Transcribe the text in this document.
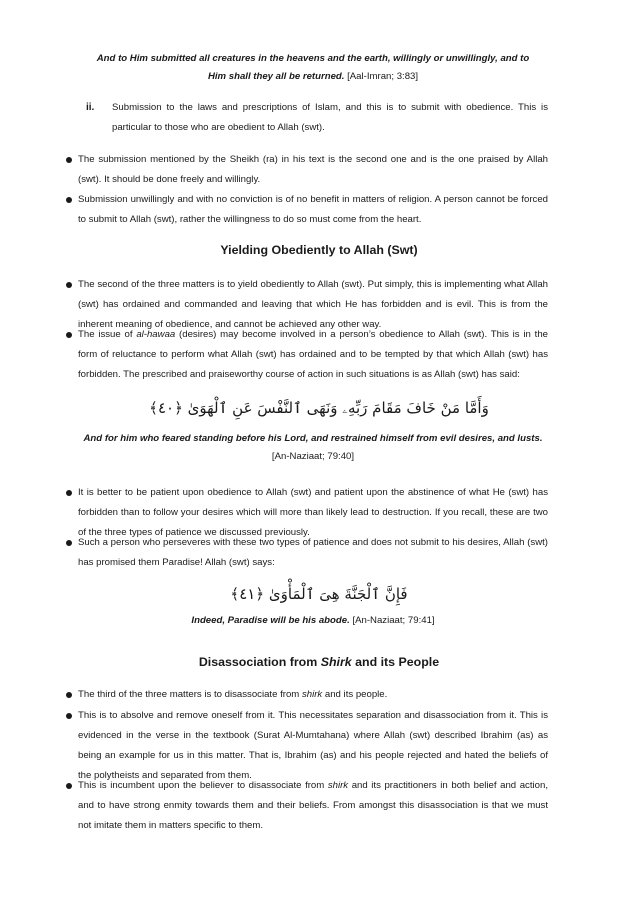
And to Him submitted all creatures in the heavens and the earth, willingly or unwillingly, and to
Him shall they all be returned. [Aal-Imran; 3:83]
ii. Submission to the laws and prescriptions of Islam, and this is to submit with obedience. This is particular to those who are obedient to Allah (swt).
The submission mentioned by the Sheikh (ra) in his text is the second one and is the one praised by Allah (swt). It should be done freely and willingly.
Submission unwillingly and with no conviction is of no benefit in matters of religion. A person cannot be forced to submit to Allah (swt), rather the willingness to do so must come from the heart.
Yielding Obediently to Allah (Swt)
The second of the three matters is to yield obediently to Allah (swt). Put simply, this is implementing what Allah (swt) has ordained and commanded and leaving that which He has forbidden and is evil. This is from the inherent meaning of obedience, and cannot be achieved any other way.
The issue of al-hawaa (desires) may become involved in a person’s obedience to Allah (swt). This is in the form of reluctance to perform what Allah (swt) has ordained and to be tempted by that which Allah (swt) has forbidden. The prescribed and praiseworthy course of action in such situations is as Allah (swt) has said:
وَأَمَّا مَنْ خَافَ مَقَامَ رَبِّهِۦ وَنَهَى ٱلنَّفْسَ عَنِ ٱلْهَوَىٰ ﴿٤٠﴾
And for him who feared standing before his Lord, and restrained himself from evil desires, and lusts. [An-Naziaat; 79:40]
It is better to be patient upon obedience to Allah (swt) and patient upon the abstinence of what He (swt) has forbidden than to follow your desires which will more than likely lead to destruction. If you recall, these are two of the three types of patience we discussed previously.
Such a person who perseveres with these two types of patience and does not submit to his desires, Allah (swt) has promised them Paradise! Allah (swt) says:
فَإِنَّ ٱلْجَنَّةَ هِىَ ٱلْمَأْوَىٰ ﴿٤١﴾
Indeed, Paradise will be his abode. [An-Naziaat; 79:41]
Disassociation from Shirk and its People
The third of the three matters is to disassociate from shirk and its people.
This is to absolve and remove oneself from it. This necessitates separation and disassociation from it. This is evidenced in the verse in the textbook (Surat Al-Mumtahana) where Allah (swt) described Ibrahim (as) as being an example for us in this matter. That is, Ibrahim (as) and his people rejected and hated the beliefs of the polytheists and separated from them.
This is incumbent upon the believer to disassociate from shirk and its practitioners in both belief and action, and to have strong enmity towards them and their beliefs. From amongst this disassociation is that we must not imitate them in matters specific to them.
